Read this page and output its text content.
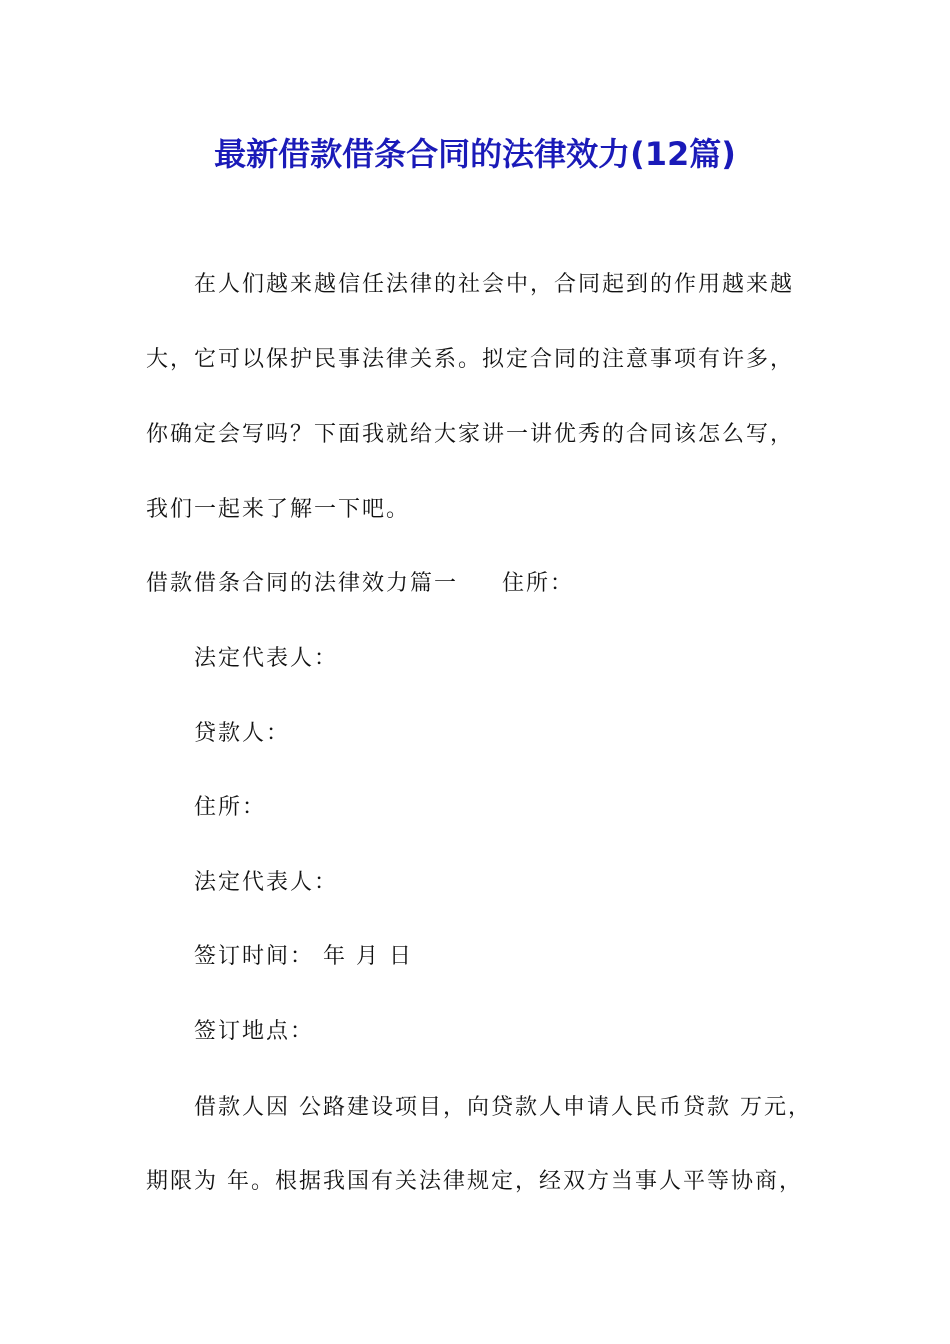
最新借款借条合同的法律效力(12篇)
在人们越来越信任法律的社会中，合同起到的作用越来越
大，它可以保护民事法律关系。拟定合同的注意事项有许多，
你确定会写吗？下面我就给大家讲一讲优秀的合同该怎么写，
我们一起来了解一下吧。
借款借条合同的法律效力篇一 住所：
法定代表人：
贷款人：
住所：
法定代表人：
签订时间： 年 月 日
签订地点：
借款人因 公路建设项目，向贷款人申请人民币贷款 万元，
期限为 年。根据我国有关法律规定，经双方当事人平等协商，
